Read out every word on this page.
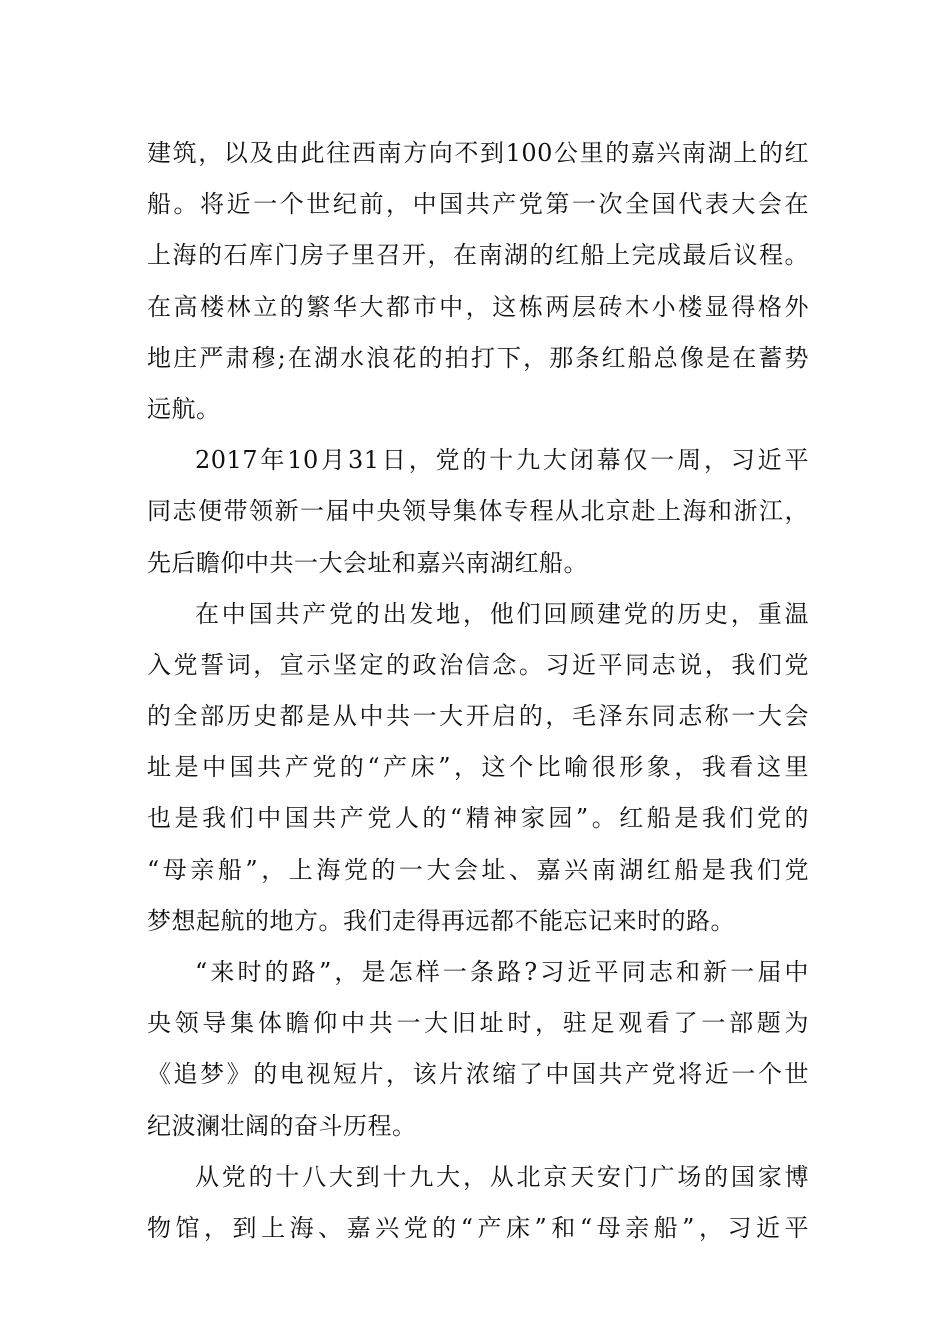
建筑，以及由此往西南方向不到100公里的嘉兴南湖上的红
船。将近一个世纪前，中国共产党第一次全国代表大会在
上海的石库门房子里召开，在南湖的红船上完成最后议程。
在高楼林立的繁华大都市中，这栋两层砖木小楼显得格外
地庄严肃穆;在湖水浪花的拍打下，那条红船总像是在蓄势
远航。
2017年10月31日，党的十九大闭幕仅一周，习近平
同志便带领新一届中央领导集体专程从北京赴上海和浙江，
先后瞻仰中共一大会址和嘉兴南湖红船。
在中国共产党的出发地，他们回顾建党的历史，重温
入党誓词，宣示坚定的政治信念。习近平同志说，我们党
的全部历史都是从中共一大开启的，毛泽东同志称一大会
址是中国共产党的“产床”，这个比喻很形象，我看这里
也是我们中国共产党人的“精神家园”。红船是我们党的
“母亲船”，上海党的一大会址、嘉兴南湖红船是我们党
梦想起航的地方。我们走得再远都不能忘记来时的路。
“来时的路”，是怎样一条路?习近平同志和新一届中
央领导集体瞻仰中共一大旧址时，驻足观看了一部题为
《追梦》的电视短片，该片浓缩了中国共产党将近一个世
纪波澜壮阔的奋斗历程。
从党的十八大到十九大，从北京天安门广场的国家博
物馆，到上海、嘉兴党的“产床”和“母亲船”，习近平
